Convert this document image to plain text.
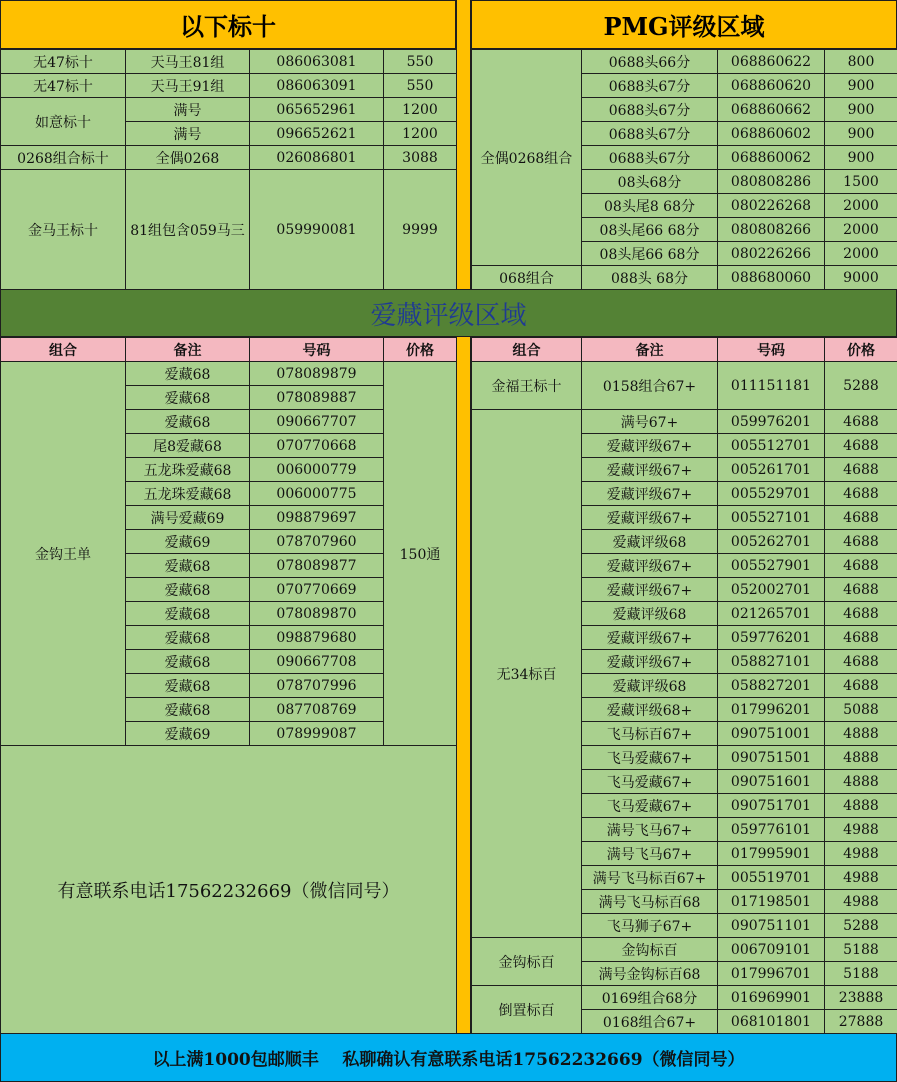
以下标十	PMG评级区域
无47标十	天马王81组	086063081	550
无47标十	天马王91组	086063091	550
如意标十	满号	065652961	1200
	满号	096652621	1200
0268组合标十	全偶0268	026086801	3088
金马王标十	81组包含059马三	059990081	9999
全偶0268组合	0688头66分	068860622	800
	0688头67分	068860620	900
	0688头67分	068860662	900
	0688头67分	068860602	900
	0688头67分	068860062	900
	08头68分	080808286	1500
	08头尾8 68分	080226268	2000
	08头尾66 68分	080808266	2000
	08头尾66 68分	080226266	2000
068组合	088头 68分	088680060	9000
爱藏评级区域
组合	备注	号码	价格
金钩王单	爱藏68	078089879	150通
	爱藏68	078089887	
	爱藏68	090667707	
	尾8爱藏68	070770668	
	五龙珠爱藏68	006000779	
	五龙珠爱藏68	006000775	
	满号爱藏69	098879697	
	爱藏69	078707960	
	爱藏68	078089877	
	爱藏68	070770669	
	爱藏68	078089870	
	爱藏68	098879680	
	爱藏68	090667708	
	爱藏68	078707996	
	爱藏68	087708769	
	爱藏69	078999087	
有意联系电话17562232669（微信同号）			
组合	备注	号码	价格
金福王标十	0158组合67+	011151181	5288
无34标百	满号67+	059976201	4688
	爱藏评级67+	005512701	4688
	爱藏评级67+	005261701	4688
	爱藏评级67+	005529701	4688
	爱藏评级67+	005527101	4688
	爱藏评级68	005262701	4688
	爱藏评级67+	005527901	4688
	爱藏评级67+	052002701	4688
	爱藏评级68	021265701	4688
	爱藏评级67+	059776201	4688
	爱藏评级67+	058827101	4688
	爱藏评级68	058827201	4688
	爱藏评级68+	017996201	5088
	飞马标百67+	090751001	4888
	飞马爱藏67+	090751501	4888
	飞马爱藏67+	090751601	4888
	飞马爱藏67+	090751701	4888
	满号飞马67+	059776101	4988
	满号飞马67+	017995901	4988
	满号飞马标百67+	005519701	4988
	满号飞马标百68	017198501	4988
	飞马狮子67+	090751101	5288
金钩标百	金钩标百	006709101	5188
	满号金钩标百68	017996701	5188
倒置标百	0169组合68分	016969901	23888
	0168组合67+	068101801	27888
以上满1000包邮顺丰    私聊确认有意联系电话17562232669（微信同号）
